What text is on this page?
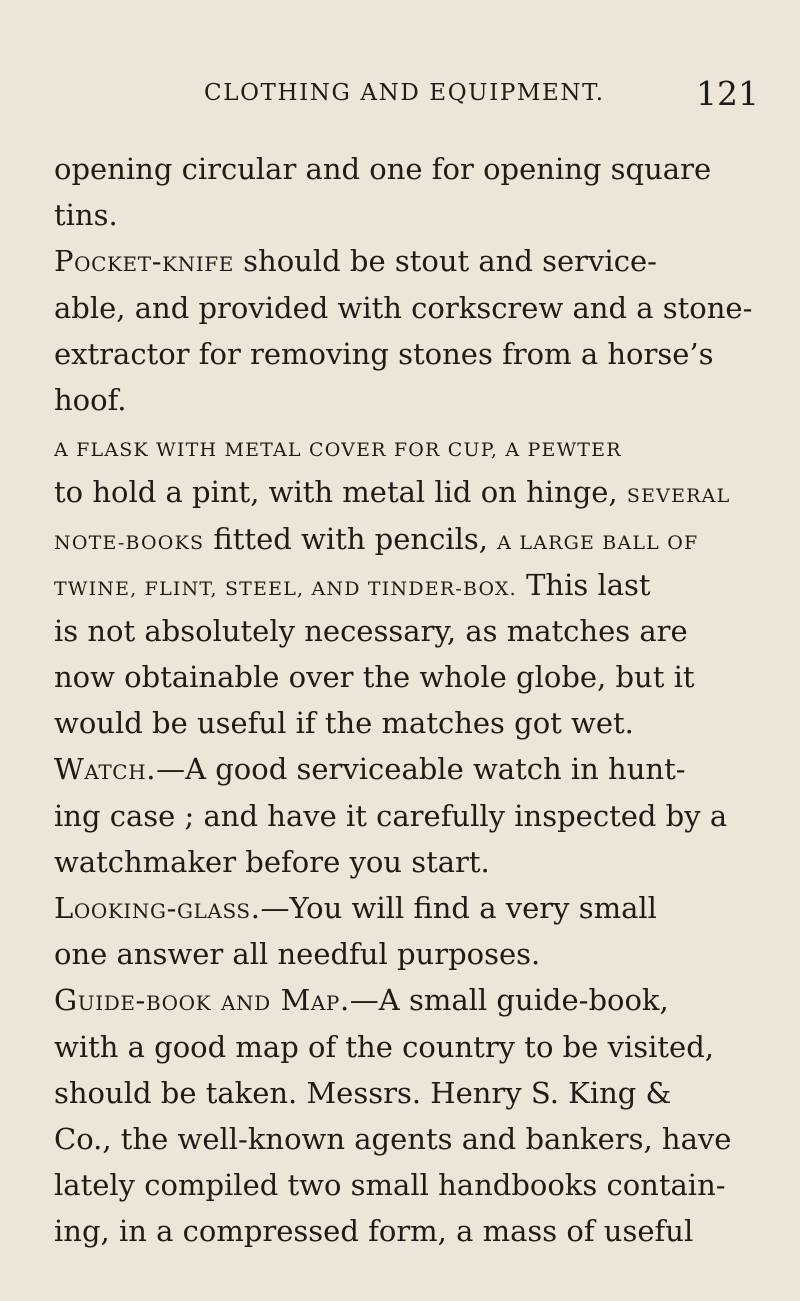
CLOTHING AND EQUIPMENT.	121
opening circular and one for opening square
tins.
Pocket-knife should be stout and service-
able, and provided with corkscrew and a stone-
extractor for removing stones from a horse’s
hoof.
A FLASK WITH METAL COVER FOR CUP, A PEWTER
to hold a pint, with metal lid on hinge, SEVERAL
NOTE-BOOKS fitted with pencils, A LARGE BALL OF
TWINE, FLINT, STEEL, AND TINDER-BOX. This last
is not absolutely necessary, as matches are
now obtainable over the whole globe, but it
would be useful if the matches got wet.
Watch.—A good serviceable watch in hunt-
ing case ; and have it carefully inspected by a
watchmaker before you start.
Looking-glass.—You will find a very small
one answer all needful purposes.
Guide-book and Map.—A small guide-book,
with a good map of the country to be visited,
should be taken. Messrs. Henry S. King &
Co., the well-known agents and bankers, have
lately compiled two small handbooks contain-
ing, in a compressed form, a mass of useful
